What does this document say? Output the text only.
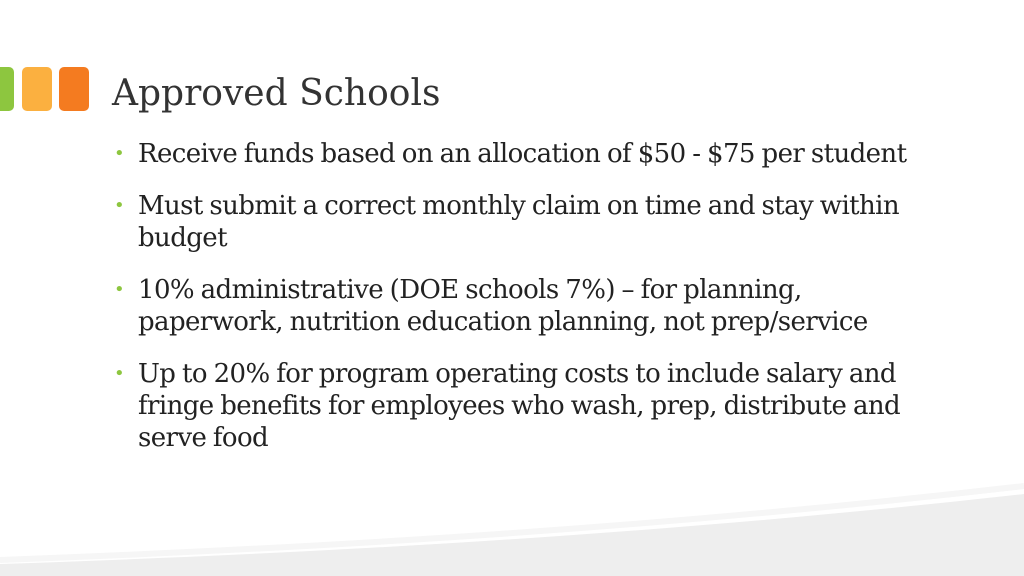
Approved Schools
• Receive funds based on an allocation of $50 - $75 per student
• Must submit a correct monthly claim on time and stay within budget
• 10% administrative (DOE schools 7%) – for planning, paperwork, nutrition education planning, not prep/service
• Up to 20% for program operating costs to include salary and fringe benefits for employees who wash, prep, distribute and serve food
